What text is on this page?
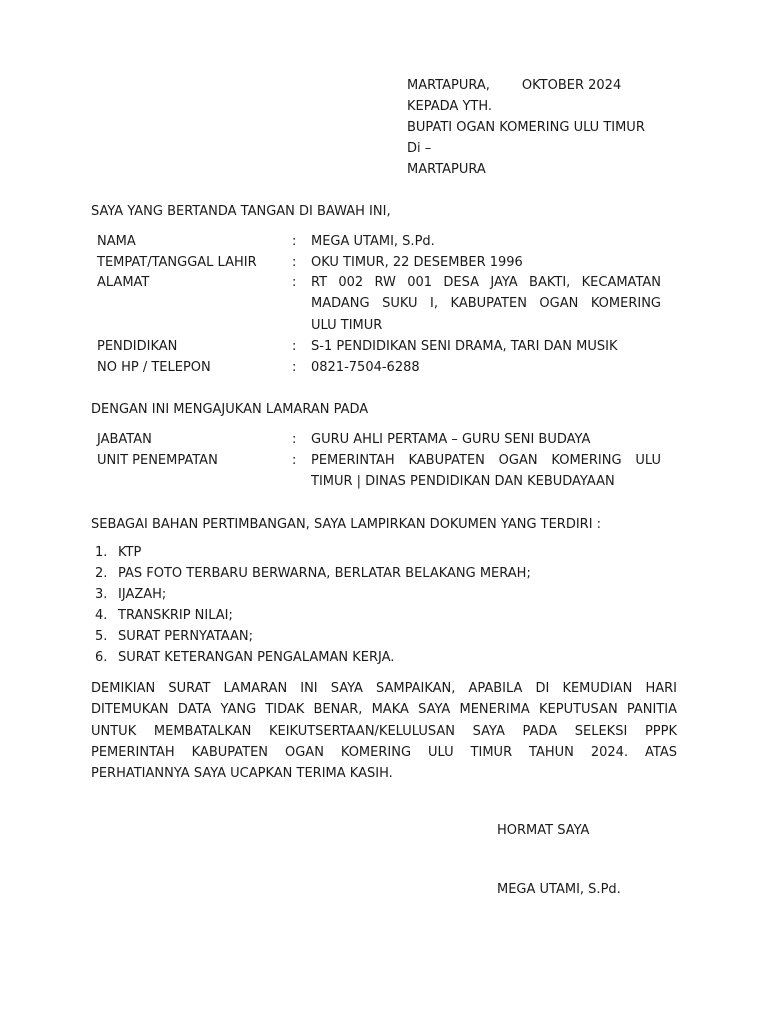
MARTAPURA, OKTOBER 2024
KEPADA YTH.
BUPATI OGAN KOMERING ULU TIMUR
Di –
MARTAPURA
SAYA YANG BERTANDA TANGAN DI BAWAH INI,
NAMA	: MEGA UTAMI, S.Pd.
TEMPAT/TANGGAL LAHIR	: OKU TIMUR, 22 DESEMBER 1996
ALAMAT	: RT 002 RW 001 DESA JAYA BAKTI, KECAMATAN
MADANG SUKU I, KABUPATEN OGAN KOMERING
ULU TIMUR
PENDIDIKAN	: S-1 PENDIDIKAN SENI DRAMA, TARI DAN MUSIK
NO HP / TELEPON	: 0821-7504-6288
DENGAN INI MENGAJUKAN LAMARAN PADA
JABATAN	: GURU AHLI PERTAMA – GURU SENI BUDAYA
UNIT PENEMPATAN	: PEMERINTAH KABUPATEN OGAN KOMERING ULU
TIMUR | DINAS PENDIDIKAN DAN KEBUDAYAAN
SEBAGAI BAHAN PERTIMBANGAN, SAYA LAMPIRKAN DOKUMEN YANG TERDIRI :
1. KTP
2. PAS FOTO TERBARU BERWARNA, BERLATAR BELAKANG MERAH;
3. IJAZAH;
4. TRANSKRIP NILAI;
5. SURAT PERNYATAAN;
6. SURAT KETERANGAN PENGALAMAN KERJA.
DEMIKIAN SURAT LAMARAN INI SAYA SAMPAIKAN, APABILA DI KEMUDIAN HARI
DITEMUKAN DATA YANG TIDAK BENAR, MAKA SAYA MENERIMA KEPUTUSAN PANITIA
UNTUK MEMBATALKAN KEIKUTSERTAAN/KELULUSAN SAYA PADA SELEKSI PPPK
PEMERINTAH KABUPATEN OGAN KOMERING ULU TIMUR TAHUN 2024. ATAS
PERHATIANNYA SAYA UCAPKAN TERIMA KASIH.
HORMAT SAYA
MEGA UTAMI, S.Pd.
